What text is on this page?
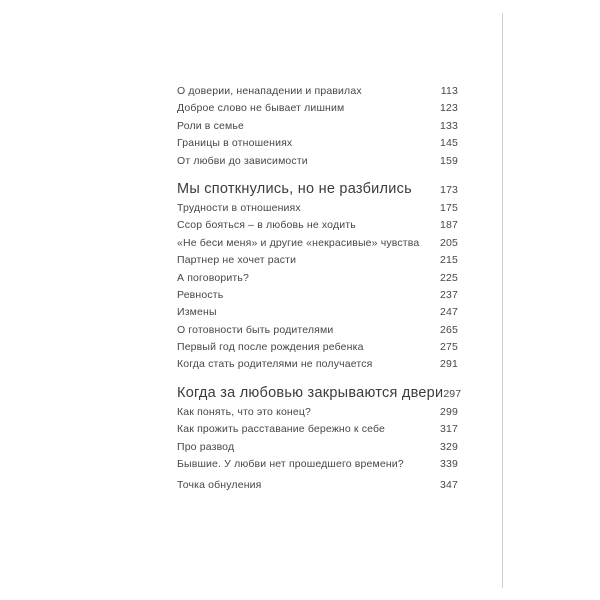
О доверии, ненападении и правилах	113
Доброе слово не бывает лишним	123
Роли в семье	133
Границы в отношениях	145
От любви до зависимости	159
Мы споткнулись, но не разбились	173
Трудности в отношениях	175
Ссор бояться – в любовь не ходить	187
«Не беси меня» и другие «некрасивые» чувства 205
Партнер не хочет расти	215
А поговорить?	225
Ревность	237
Измены	247
О готовности быть родителями	265
Первый год после рождения ребенка	275
Когда стать родителями не получается	291
Когда за любовью закрываются двери 297
Как понять, что это конец?	299
Как прожить расставание бережно к себе	317
Про развод	329
Бывшие. У любви нет прошедшего времени?	339
Точка обнуления	347
